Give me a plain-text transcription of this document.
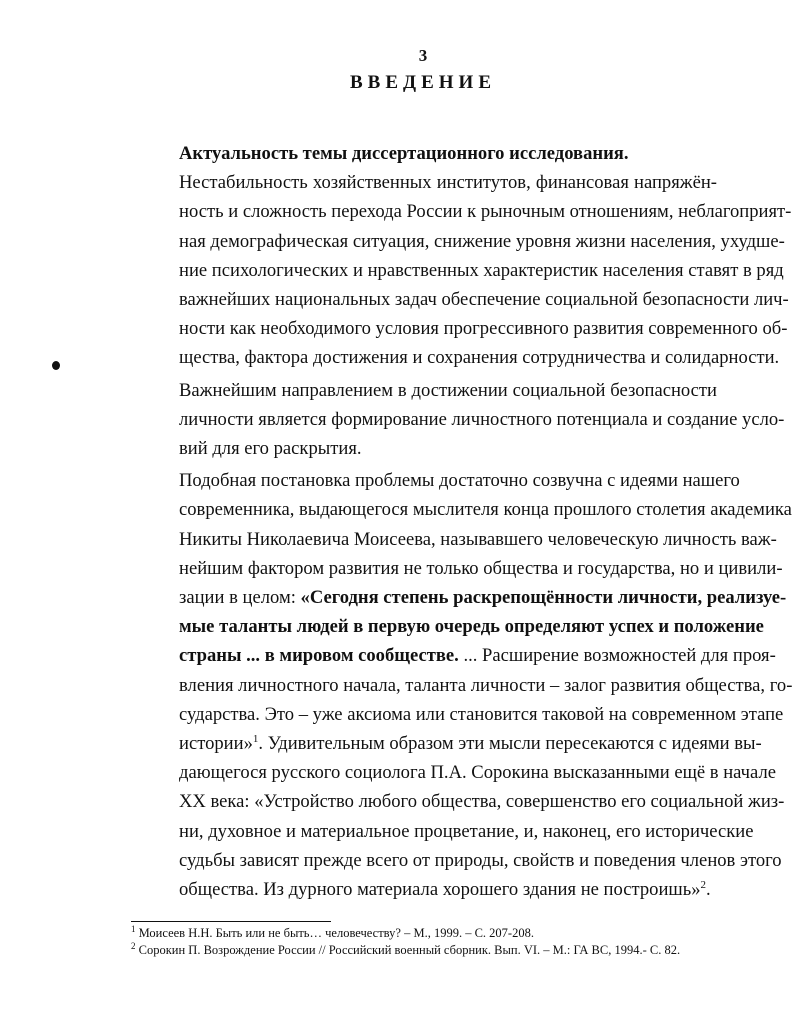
3
ВВЕДЕНИЕ

Актуальность темы диссертационного исследования.

Нестабильность хозяйственных институтов, финансовая напряжён-
ность и сложность перехода России к рыночным отношениям, неблагоприят-
ная демографическая ситуация, снижение уровня жизни населения, ухудше-
ние психологических и нравственных характеристик населения ставят в ряд
важнейших национальных задач обеспечение социальной безопасности лич-
ности как необходимого условия прогрессивного развития современного об-
щества, фактора достижения и сохранения сотрудничества и солидарности.

Важнейшим направлением в достижении социальной безопасности
личности является формирование личностного потенциала и создание усло-
вий для его раскрытия.

Подобная постановка проблемы достаточно созвучна с идеями нашего
современника, выдающегося мыслителя конца прошлого столетия академика
Никиты Николаевича Моисеева, называвшего человеческую личность важ-
нейшим фактором развития не только общества и государства, но и цивили-
зации в целом: «Сегодня степень раскрепощённости личности, реализуе-
мые таланты людей в первую очередь определяют успех и положение
страны ... в мировом сообществе. ... Расширение возможностей для проя-
вления личностного начала, таланта личности – залог развития общества, го-
сударства. Это – уже аксиома или становится таковой на современном этапе
истории»$^1$. Удивительным образом эти мысли пересекаются с идеями вы-
дающегося русского социолога П.А. Сорокина высказанными ещё в начале
XX века: «Устройство любого общества, совершенство его социальной жиз-
ни, духовное и материальное процветание, и, наконец, его исторические
судьбы зависят прежде всего от природы, свойств и поведения членов этого
общества. Из дурного материала хорошего здания не построишь»$^2$.

$^1$ Моисеев Н.Н. Быть или не быть… человечеству? – М., 1999. – С. 207-208.
$^2$ Сорокин П. Возрождение России // Российский военный сборник. Вып. VI. – М.: ГА ВС, 1994.- С. 82.
